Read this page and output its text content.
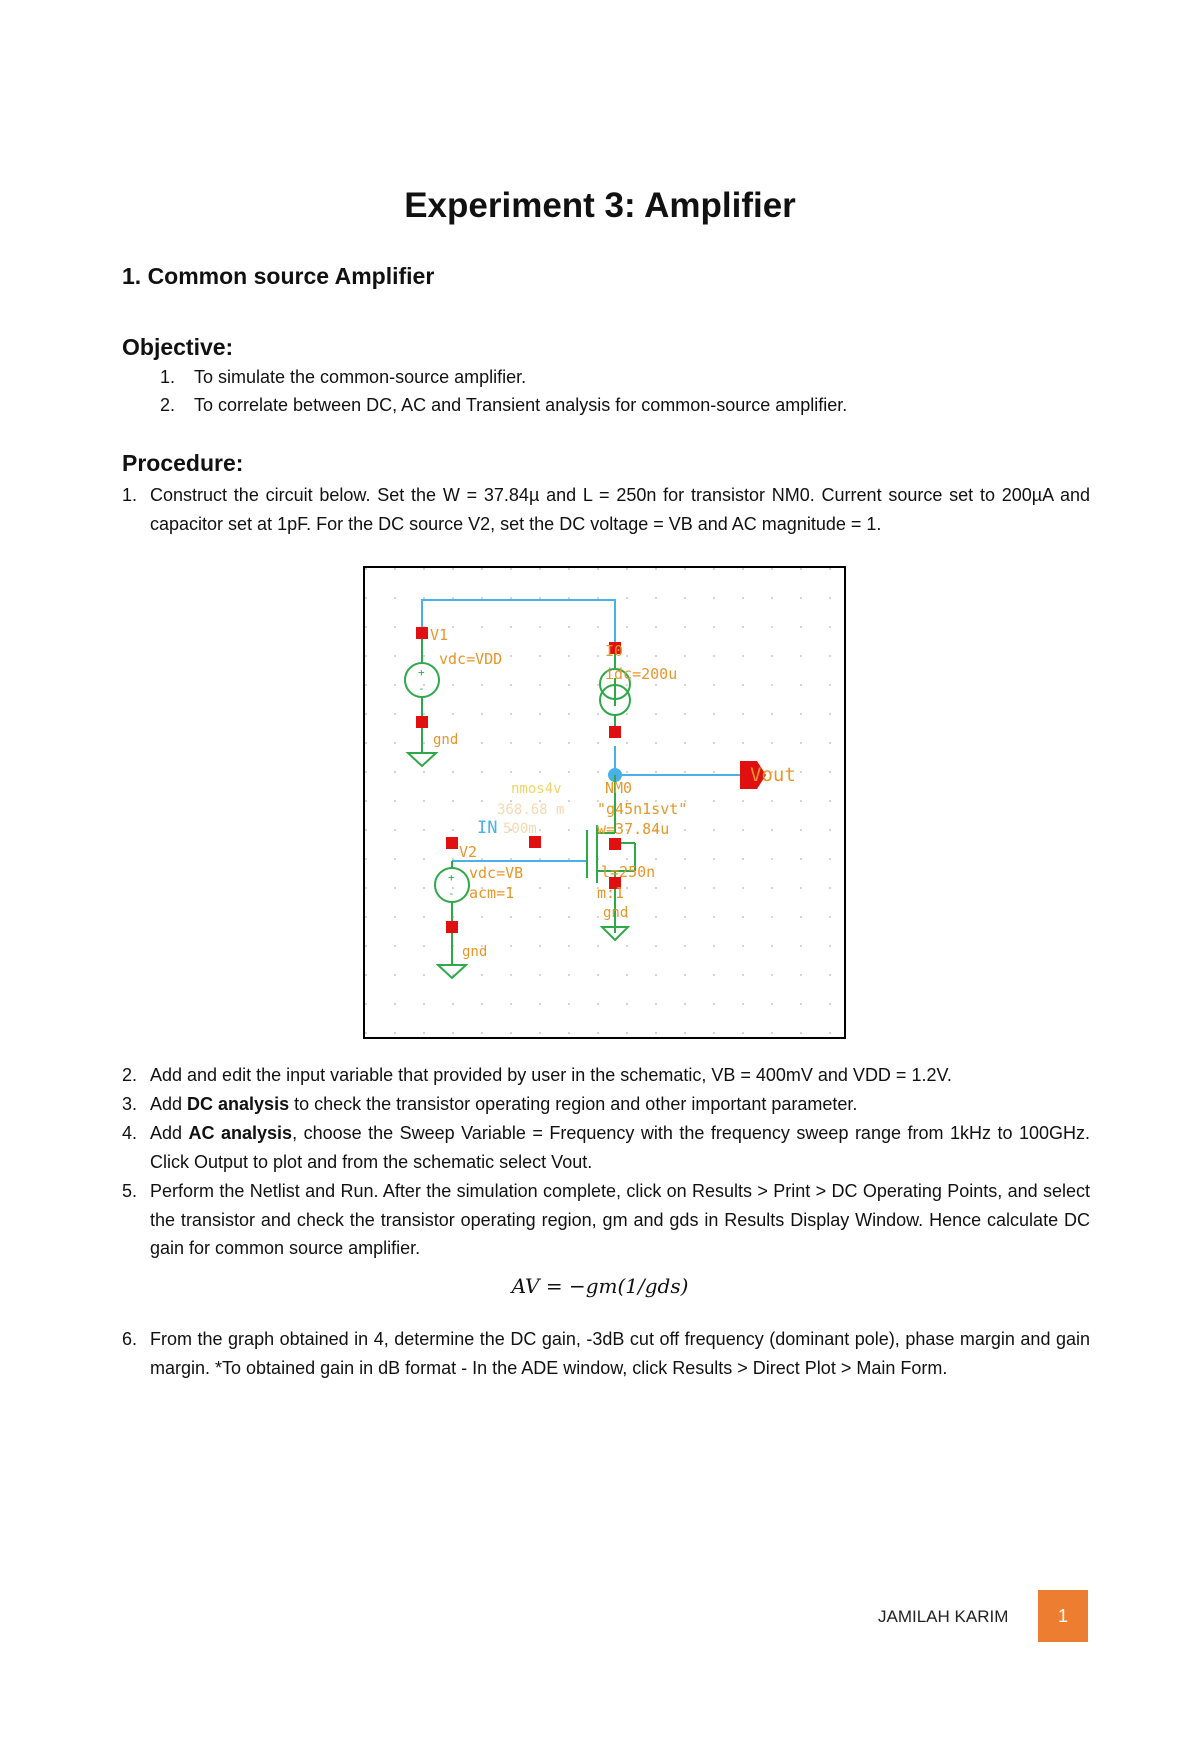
Experiment 3: Amplifier
1. Common source Amplifier
Objective:
1.	To simulate the common-source amplifier.
2.	To correlate between DC, AC and Transient analysis for common-source amplifier.
Procedure:
1. Construct the circuit below. Set the W = 37.84µ and L = 250n for transistor NM0. Current source set to 200µA and capacitor set at 1pF. For the DC source V2, set the DC voltage = VB and AC magnitude = 1.
+
-
+
-
V1
vdc=VDD
gnd
I0
idc=200u
Vout
nmos4v	NM0
368.68 m "g45n1svt"
IN 500m	w=37.84u
V2
vdc=VB
acm=1
l=250n
m:1
gnd
gnd
2. Add and edit the input variable that provided by user in the schematic, VB = 400mV and VDD = 1.2V.
3. Add DC analysis to check the transistor operating region and other important parameter.
4. Add AC analysis, choose the Sweep Variable = Frequency with the frequency sweep range from 1kHz to 100GHz. Click Output to plot and from the schematic select Vout.
5. Perform the Netlist and Run. After the simulation complete, click on Results > Print > DC Operating Points, and select the transistor and check the transistor operating region, gm and gds in Results Display Window. Hence calculate DC gain for common source amplifier.
AV = −gm(1/gds)
6. From the graph obtained in 4, determine the DC gain, -3dB cut off frequency (dominant pole), phase margin and gain margin. *To obtained gain in dB format - In the ADE window, click Results > Direct Plot > Main Form.
JAMILAH KARIM	1
